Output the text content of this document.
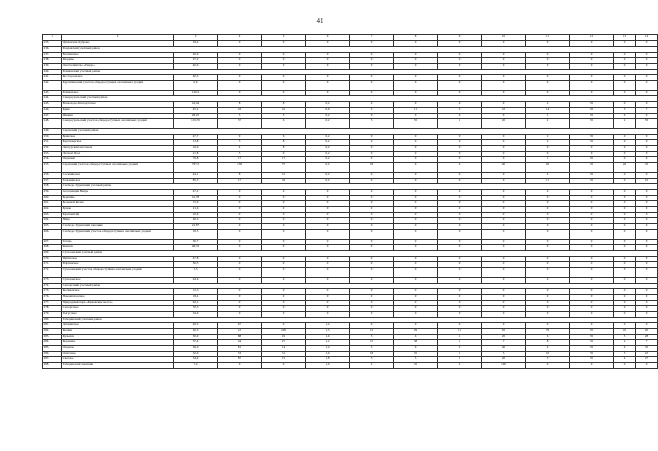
41
1	2	3	4	5	6	7	8	9	10	11	12	13	14
235.	Чувашская Дубрава	18,4	0	0	0	0	0	0	0	0	0	0	0
236.	Рендовский учетный район												
237.	Волхинское	20,6	0	0	0	0	0	0	0	0	0	0	0
238.	Мордвы	27,2	0	0	0	0	0	0	0	0	0	0	0
239.	Охотхозяйство «Рендо»	40,0	0	0	0	0	0	0	0	0	0	0	0
240.	Ромновский учетный район												
241.	Костоусовское	40,3	0	0	0	0	0	0	0	0	0	0	0
242.	Крутихинский участок общедоступных охотничьих угодий	6,9	0	0	0	0	0	0	0	0	0	0	0
243.	Ромновское	126,5	0	0	0	0	0	0	0	0	0	0	0
244.	Североуральский учетный район												
245.	Всеволодо-Благодатское	43,44	8	8	0,2	0	0	0	0	2	35	0	0
246.	Крив	45,2	43	41	0,9	5	11	5	10	14	35	3	7
247.	Ивакин	28,25	5	5	0,2	0	0	0	0	1	35	0	0
248.	Североуральский участок общедоступных охотничьих угодий	119,76	37	6	0,2	5	35	1	20	2	35	2	35
249.	Серовский учетный район												
250.	Брянское	47,7	9	6	0,2	0	0	0	0	2	35	0	0
251.	Красноярское	13,8	3	8	0,2	0	0	0	0	2	35	0	0
252.	Лангурский масленок	16,6	4	8	0,2	0	0	0	0	0	0	0	0
253.	Лесной Урал	21,8	5	9	0,2	0	0	0	0	0	0	0	0
254.	Озерный	76,8	17	17	0,2	0	0	0	0	1	35	0	0
255.	Серовский участок общедоступных охотничьих угодий	797,5	158	75	0,2	18	6	4	40	26	35	26	35
256.	Сосьвинское	44,1	8	12	0,2	0	0	0	0	4	35	0	0
257.	Тальминское	85,3	17	34	0,2	0	0	0	0	11	35	0	10
258.	Слободо-Туринский учетный район												
259.	Ассоциация Вепрь	47,2	0	0	0	0	0	0	0	0	0	0	0
260.	Берёзёвь	16,78	0	0	0	0	0	0	0	0	0	0	0
261.	Большой Кочак	15,0	0	0	0	0	0	0	0	0	0	0	0
262.	Ермак	21,6	0	0	0	0	0	0	0	0	0	0	0
263.	Красный Яр	10,6	0	0	0	0	0	0	0	0	0	0	0
264.	Ница	26,5	0	0	0	0	0	0	0	0	0	0	0
265.	Слободо-Туринский заказник	22,87	0	0	0	0	0	0	0	0	0	0	0
266.	Слободо-Туринский участок общедоступных охотничьих угодий	18,5	0	0	0	0	0	0	0	0	0	0	0
267.	Тетерь	36,7	0	0	0	0	0	0	0	0	0	0	0
268.	Фениск	48,76	0	0	0	0	0	0	0	0	0	0	0
269.	Сухоложский учетный район												
270.	Ирбитское	47,8	0	0	0	0	0	0	0	0	0	0	0
271.	Рефтинское	56,3	0	0	0	0	0	0	0	0	0	0	0
272.	Сухоложский участок общедоступных охотничьих угодий	1,5	0	0	0	0	0	0	0	0	0	0	0
273.	Сухоложское	44,6	0	0	0	0	0	0	0	0	0	0	0
274.	Сысертский учетный район												
275.	Косяковское	12,3	0	0	0	0	0	0	0	0	0	0	0
276.	Новоипатовское	18,4	0	0	0	0	0	0	0	0	0	0	0
277.	Природный парк «Бажовские места»	62,1	0	0	0	0	0	0	0	0	0	0	0
278.	Сысертское	70,3	0	0	0	0	0	0	0	0	0	0	0
279.	Тыгусское	34,6	0	0	0	0	0	0	0	0	0	0	0
280.	Таборинский учетный район												
281.	Добринское	49,3	67	0	1,4	0	0	0	0	0	0	0	0
282.	Кошки	26,5	41	228	1,5	12	29	11	92	79	35	45	20
283.	Кульмах	50,0	88	19	1,6	5	6	1	20	6	35	5	28
284.	Коренево	37,4	44	27	1,2	15	38	1	7	8	35	2	7
285.	Озерное	56,0	81	14	1,4	5	6	2	40	4	35	4	35
286.	Оплетное	32,0	53	31	1,6	18	35	1	5	10	35	3	10
287.	Светлое	54,6	87	15	1,8	5	5	1	20	5	35	4	27
288.	Таборинский заказник	7,4	0	0	1,0	2	35	2	100	0	0	0	0
